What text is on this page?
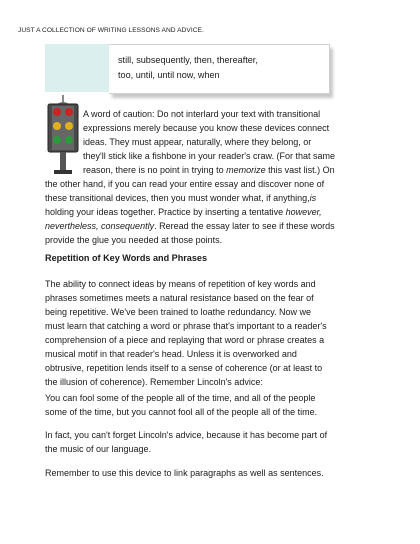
JUST A COLLECTION OF WRITING LESSONS AND ADVICE.

still, subsequently, then, thereafter,

too, until, until now, when

A word of caution: Do not interlard your text with transitional

expressions merely because you know these devices connect

ideas. They must appear, naturally, where they belong, or

they'll stick like a fishbone in your reader's craw. (For that same

reason, there is no point in trying to memorize this vast list.) On

the other hand, if you can read your entire essay and discover none of

these transitional devices, then you must wonder what, if anything,is

holding your ideas together. Practice by inserting a tentative however,

nevertheless, consequently. Reread the essay later to see if these words

provide the glue you needed at those points.

Repetition of Key Words and Phrases

The ability to connect ideas by means of repetition of key words and

phrases sometimes meets a natural resistance based on the fear of

being repetitive. We've been trained to loathe redundancy. Now we

must learn that catching a word or phrase that's important to a reader's

comprehension of a piece and replaying that word or phrase creates a

musical motif in that reader's head. Unless it is overworked and

obtrusive, repetition lends itself to a sense of coherence (or at least to

the illusion of coherence). Remember Lincoln's advice:

You can fool some of the people all of the time, and all of the people

some of the time, but you cannot fool all of the people all of the time.

In fact, you can't forget Lincoln's advice, because it has become part of

the music of our language.

Remember to use this device to link paragraphs as well as sentences.
